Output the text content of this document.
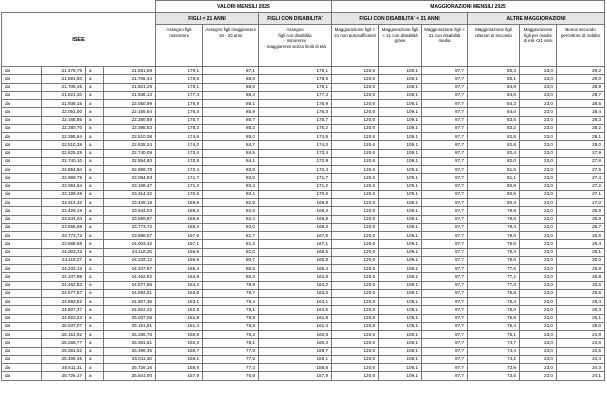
				VALORI MENSILI 2025			MAGGIORAZIONI MENSILI 2025					
ISEE				FIGLI < 21 ANNI		FIGLI CON DISABILITA'	FIGLI CON DISABILITA' < 21 ANNI			ALTRE MAGGIORAZIONI		
				Assegno figli minorenni	Assegno figli maggiorenni 18 - 20 anni	Assegno
figli con disabilita
- minorenni
- maggiorenni senza limiti di età	Maggiorazione figli < 21 non autosufficienti	Maggiorazione figli < 21 con disabilità grave	Maggiorazione figli < 21 con disabilità media	Maggiorazione figli ulteriori al secondo	Maggiorazione figli per madre di età <21 anni	Bonus secondo percettore di reddito
da	21.476,75	a	21.591,59	179,1	87,1	179,1	120,6	109,1	97,7	85,4	23,0	29,2
da	21.591,60	a	21.706,44	178,6	86,8	178,6	120,6	109,1	97,7	85,1	23,0	29,0
da	21.706,45	a	21.821,29	178,1	86,6	178,1	120,6	109,1	97,7	84,8	23,0	28,9
da	21.821,30	a	21.936,14	177,4	86,4	177,4	120,6	109,1	97,7	84,6	23,0	28,7
da	21.936,15	a	22.050,99	176,9	86,1	176,9	120,6	109,1	97,7	84,3	23,0	28,5
da	22.051,00	a	22.165,84	176,3	85,9	176,3	120,6	109,1	97,7	84,0	23,0	28,4
da	22.165,85	a	22.280,69	175,7	85,7	175,7	120,6	109,1	97,7	83,5	23,0	28,3
da	22.280,70	a	22.395,53	175,2	85,2	175,2	120,6	109,1	97,7	83,2	23,0	28,2
da	22.395,54	a	22.510,38	174,6	85,0	174,6	120,6	109,1	97,7	82,8	23,0	28,1
da	22.510,39	a	22.625,24	174,0	84,7	174,0	120,6	109,1	97,7	82,6	23,0	28,0
da	22.625,25	a	22.740,09	173,4	84,5	173,4	120,6	109,1	97,7	82,4	23,0	27,9
da	22.740,10	a	22.854,93	172,9	84,1	172,9	120,6	109,1	97,7	82,0	23,0	27,8
da	22.854,94	a	22.969,78	172,4	83,9	172,4	120,6	109,1	97,7	81,6	23,0	27,5
da	22.969,79	a	23.084,63	171,7	83,6	171,7	120,6	109,1	97,7	81,1	23,0	27,4
da	23.084,64	a	23.199,47	171,2	83,4	171,2	120,6	109,1	97,7	80,8	23,0	27,2
da	23.199,48	a	23.314,32	170,6	83,1	170,6	120,6	109,1	97,7	80,5	23,0	27,1
da	23.314,33	a	23.429,18	169,9	82,9	169,9	120,6	109,1	97,7	80,3	23,0	27,0
da	23.429,19	a	23.544,03	169,3	82,6	169,3	120,6	109,1	97,7	79,9	23,0	26,9
da	23.544,04	a	23.658,87	168,8	82,4	168,8	120,6	109,1	97,7	79,6	23,0	26,8
da	23.658,88	a	23.773,72	168,3	82,0	168,3	120,6	109,1	97,7	79,3	23,0	26,7
da	23.773,73	a	23.888,57	167,6	81,7	167,6	120,6	109,1	97,7	79,0	23,0	26,6
da	23.888,58	a	24.003,42	167,1	81,2	167,1	120,6	109,1	97,7	78,8	23,0	26,4
da	24.003,43	a	24.118,26	166,5	81,0	166,5	120,6	109,1	97,7	78,3	23,0	26,1
da	24.118,27	a	24.233,12	165,9	80,7	165,9	120,6	109,1	97,7	78,0	23,0	26,0
da	24.233,13	a	24.347,97	165,4	80,5	165,4	120,6	109,1	97,7	77,6	23,0	25,9
da	24.347,98	a	24.462,82	164,8	80,3	164,8	120,6	109,1	97,7	77,2	23,0	25,8
da	24.462,83	a	24.577,66	164,2	79,9	164,2	120,6	109,1	97,7	77,0	23,0	25,6
da	24.577,67	a	24.692,51	163,6	79,7	163,6	120,6	109,1	97,7	76,8	23,0	25,5
da	24.692,52	a	24.807,36	163,1	79,4	163,1	120,6	109,1	97,7	76,4	23,0	25,4
da	24.807,37	a	24.922,22	162,6	79,1	162,6	120,6	109,1	97,7	76,0	23,0	25,3
da	24.922,23	a	25.037,06	161,9	78,9	161,9	120,6	109,1	97,7	75,8	23,0	25,1
da	25.037,07	a	25.151,91	161,4	78,5	161,4	120,6	109,1	97,7	75,4	23,0	25,0
da	25.151,92	a	25.266,76	160,8	78,3	160,8	120,6	109,1	97,7	75,1	23,0	24,8
da	25.266,77	a	25.381,61	160,3	78,1	160,3	120,6	109,1	97,7	74,7	23,0	24,6
da	25.381,62	a	25.496,45	159,7	77,8	159,7	120,6	109,1	97,7	74,4	23,0	24,5
da	25.496,46	a	25.611,30	159,1	77,5	159,1	120,6	109,1	97,7	74,2	23,0	24,4
da	25.611,31	a	25.726,16	158,6	77,3	158,6	120,6	109,1	97,7	73,9	23,0	24,3
da	25.726,17	a	25.841,00	157,9	76,9	157,9	120,6	109,1	97,7	73,5	23,0	24,1
